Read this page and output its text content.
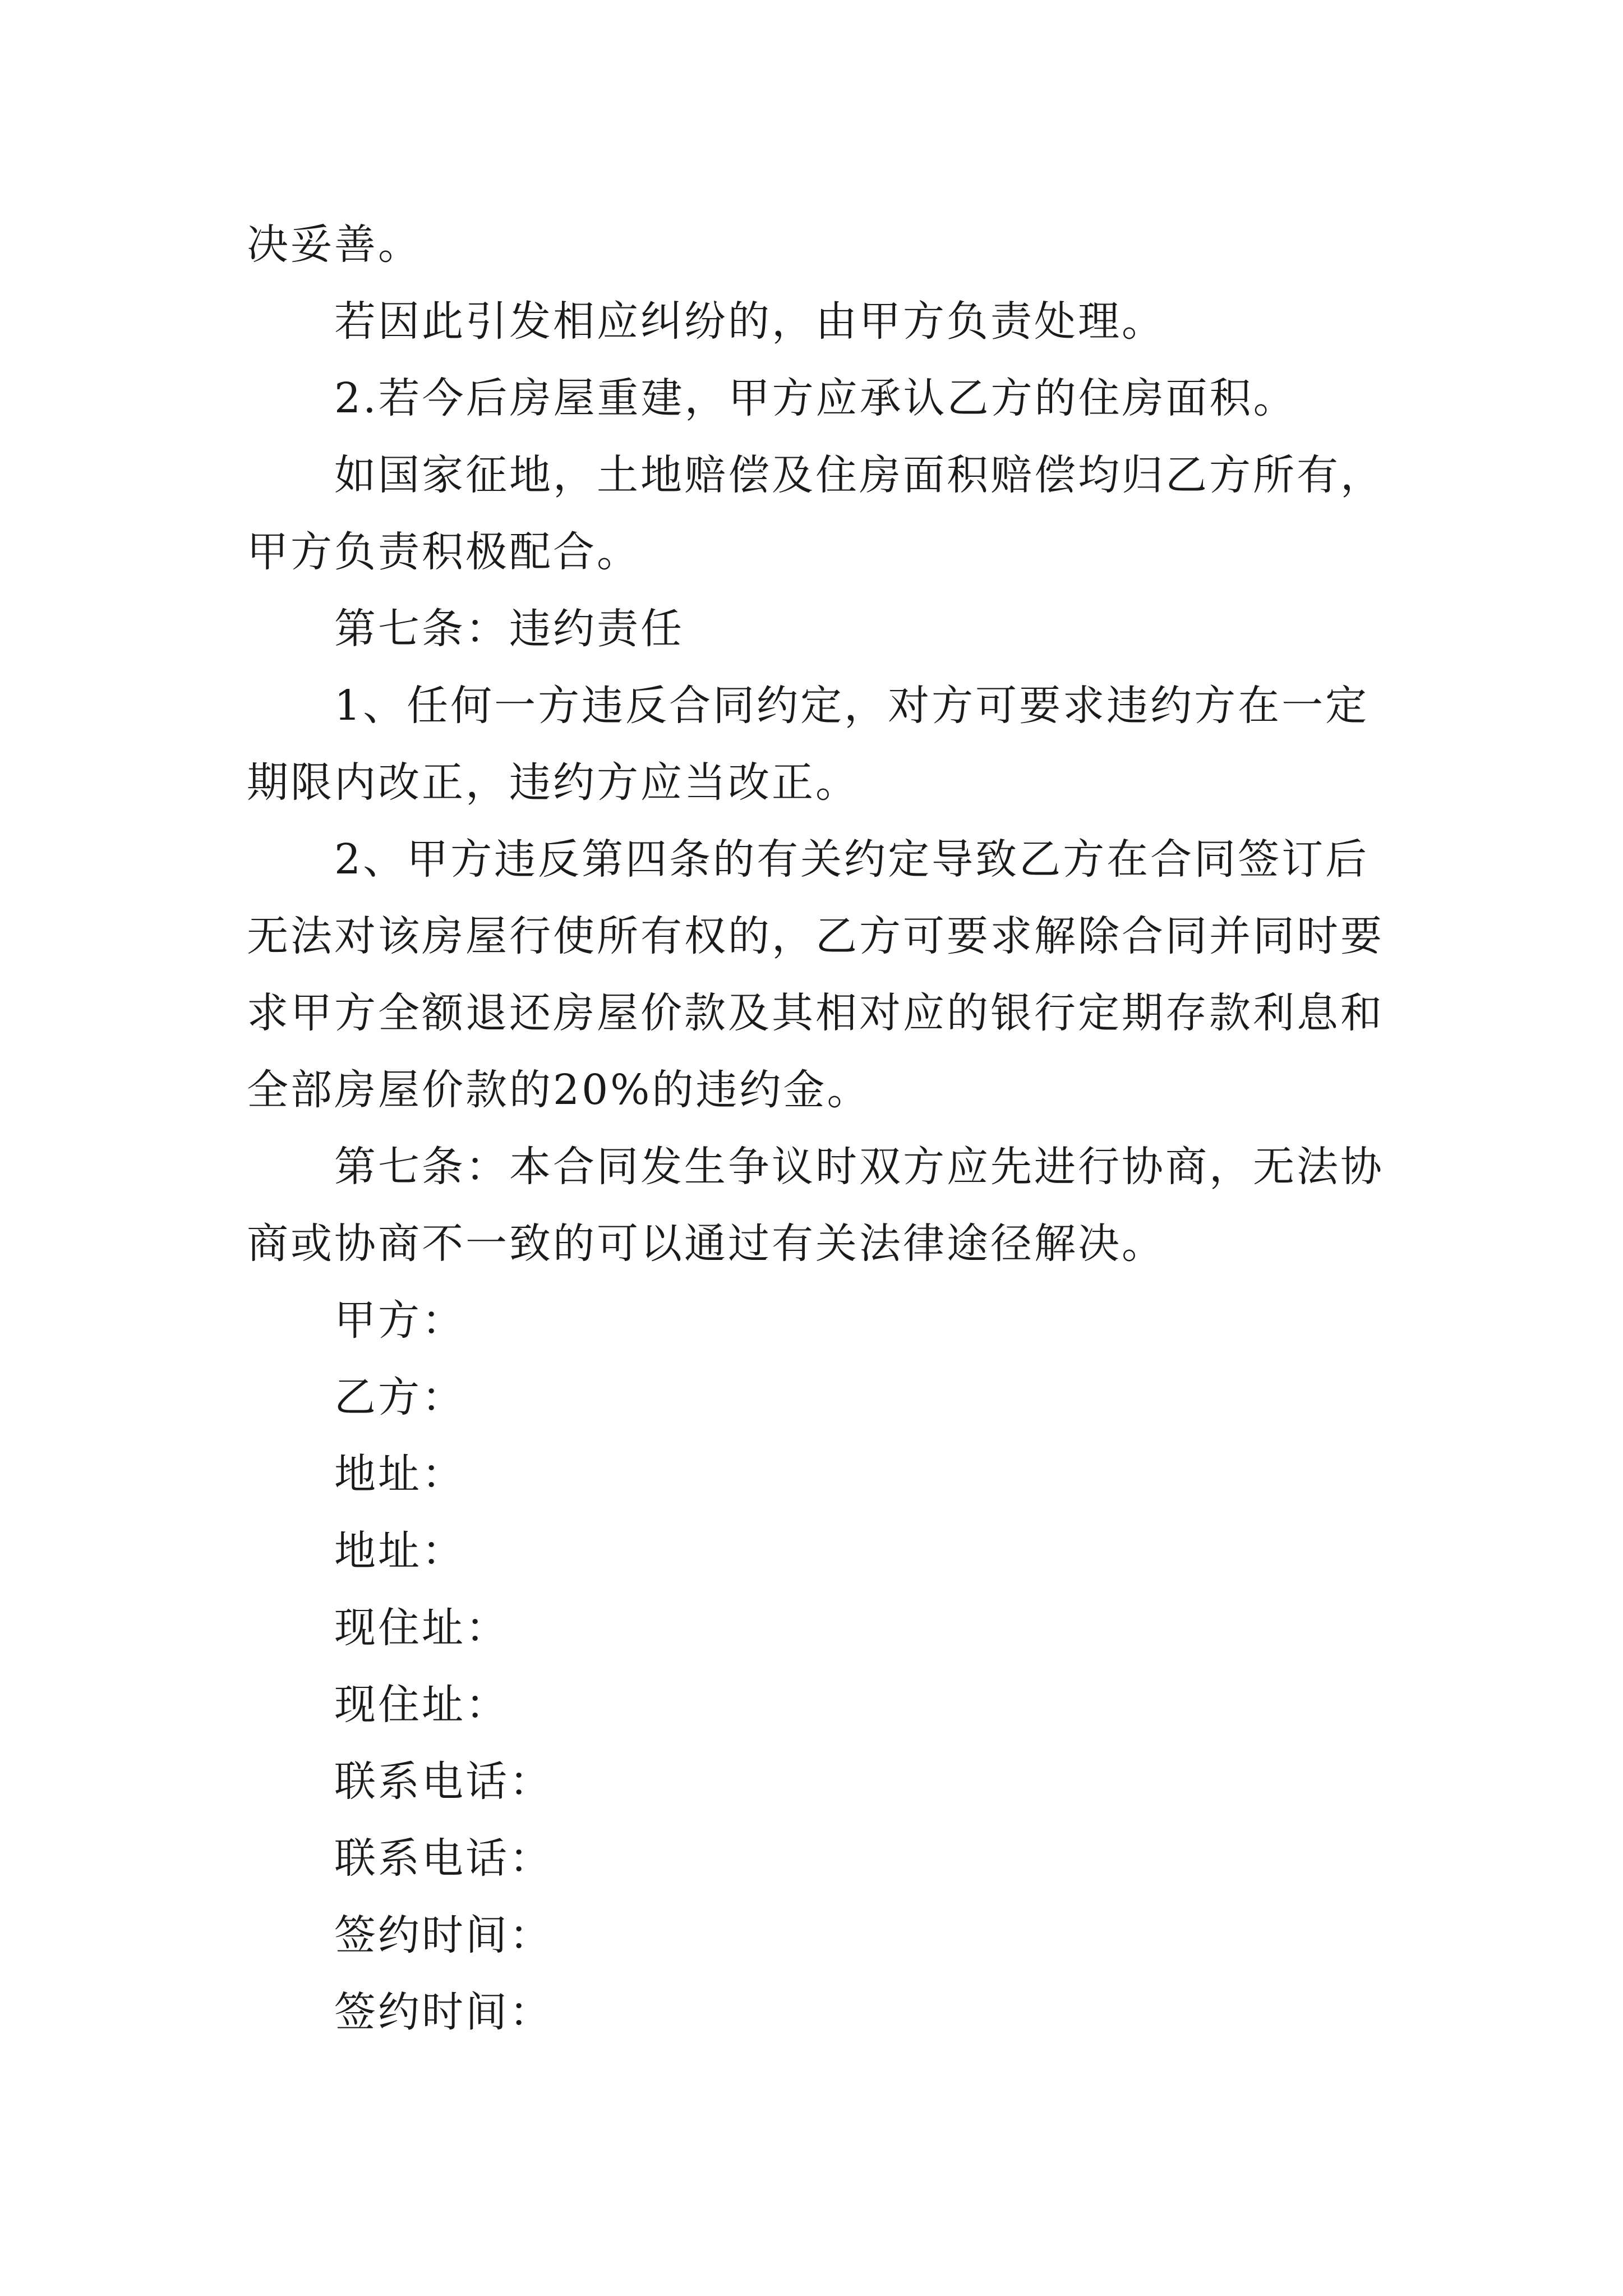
决妥善。

若因此引发相应纠纷的，由甲方负责处理。

2.若今后房屋重建，甲方应承认乙方的住房面积。

如国家征地，土地赔偿及住房面积赔偿均归乙方所有，甲方负责积极配合。

第七条：违约责任

1、任何一方违反合同约定，对方可要求违约方在一定期限内改正，违约方应当改正。

2、甲方违反第四条的有关约定导致乙方在合同签订后无法对该房屋行使所有权的，乙方可要求解除合同并同时要求甲方全额退还房屋价款及其相对应的银行定期存款利息和全部房屋价款的20%的违约金。

第七条：本合同发生争议时双方应先进行协商，无法协商或协商不一致的可以通过有关法律途径解决。

甲方：

乙方：

地址：

地址：

现住址：

现住址：

联系电话：

联系电话：

签约时间：

签约时间：
